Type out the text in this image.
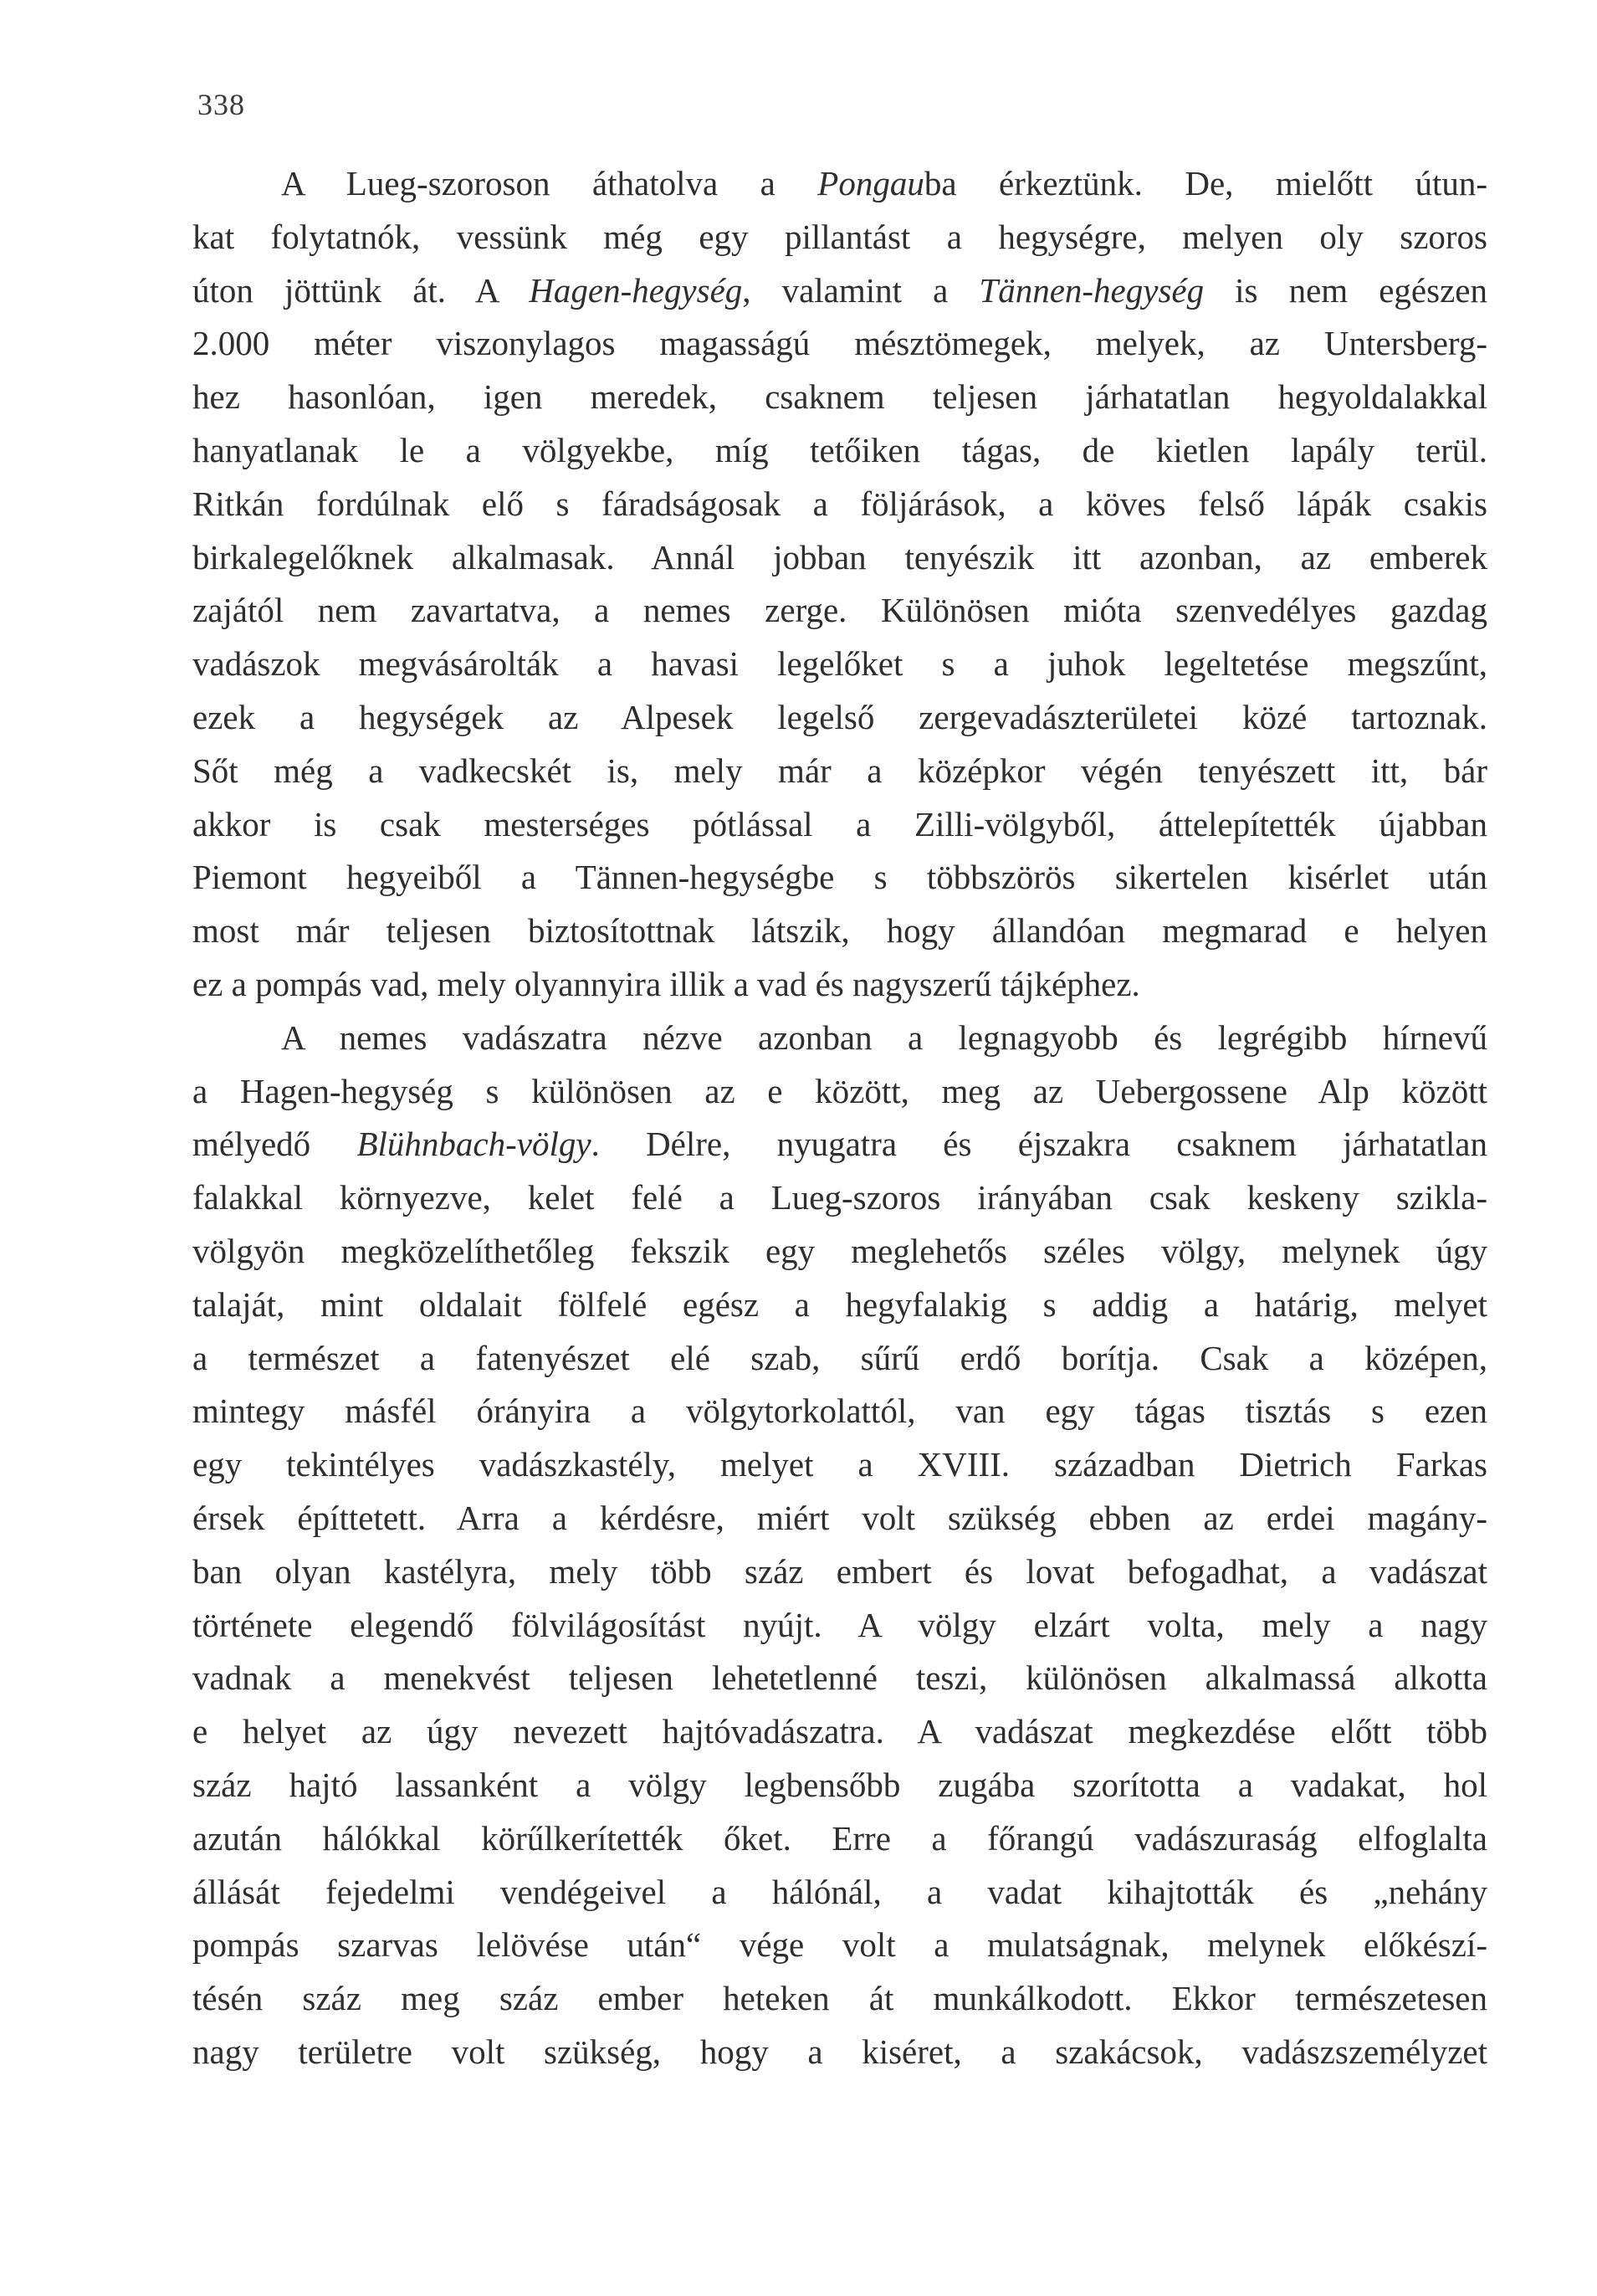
338
A Lueg-szoroson áthatolva a Pongauba érkeztünk. De, mielőtt útun-
kat folytatnók, vessünk még egy pillantást a hegységre, melyen oly szoros
úton jöttünk át. A Hagen-hegység, valamint a Tännen-hegység is nem egészen
2.000 méter viszonylagos magasságú mésztömegek, melyek, az Untersberg-
hez hasonlóan, igen meredek, csaknem teljesen járhatatlan hegyoldalakkal
hanyatlanak le a völgyekbe, míg tetőiken tágas, de kietlen lapály terül.
Ritkán fordúlnak elő s fáradságosak a följárások, a köves felső lápák csakis
birkalegelőknek alkalmasak. Annál jobban tenyészik itt azonban, az emberek
zajától nem zavartatva, a nemes zerge. Különösen mióta szenvedélyes gazdag
vadászok megvásárolták a havasi legelőket s a juhok legeltetése megszűnt,
ezek a hegységek az Alpesek legelső zergevadászterületei közé tartoznak.
Sőt még a vadkecskét is, mely már a középkor végén tenyészett itt, bár
akkor is csak mesterséges pótlással a Zilli-völgyből, áttelepítették újabban
Piemont hegyeiből a Tännen-hegységbe s többszörös sikertelen kisérlet után
most már teljesen biztosítottnak látszik, hogy állandóan megmarad e helyen
ez a pompás vad, mely olyannyira illik a vad és nagyszerű tájképhez.
A nemes vadászatra nézve azonban a legnagyobb és legrégibb hírnevű
a Hagen-hegység s különösen az e között, meg az Uebergossene Alp között
mélyedő Blühnbach-völgy. Délre, nyugatra és éjszakra csaknem járhatatlan
falakkal környezve, kelet felé a Lueg-szoros irányában csak keskeny szikla-
völgyön megközelíthetőleg fekszik egy meglehetős széles völgy, melynek úgy
talaját, mint oldalait fölfelé egész a hegyfalakig s addig a határig, melyet
a természet a fatenyészet elé szab, sűrű erdő borítja. Csak a középen,
mintegy másfél órányira a völgytorkolattól, van egy tágas tisztás s ezen
egy tekintélyes vadászkastély, melyet a XVIII. században Dietrich Farkas
érsek építtetett. Arra a kérdésre, miért volt szükség ebben az erdei magány-
ban olyan kastélyra, mely több száz embert és lovat befogadhat, a vadászat
története elegendő fölvilágosítást nyújt. A völgy elzárt volta, mely a nagy
vadnak a menekvést teljesen lehetetlenné teszi, különösen alkalmassá alkotta
e helyet az úgy nevezett hajtóvadászatra. A vadászat megkezdése előtt több
száz hajtó lassanként a völgy legbensőbb zugába szorította a vadakat, hol
azután hálókkal körűlkerítették őket. Erre a főrangú vadászuraság elfoglalta
állását fejedelmi vendégeivel a hálónál, a vadat kihajtották és „nehány
pompás szarvas lelövése után“ vége volt a mulatságnak, melynek előkészí-
tésén száz meg száz ember heteken át munkálkodott. Ekkor természetesen
nagy területre volt szükség, hogy a kiséret, a szakácsok, vadászszemélyzet
